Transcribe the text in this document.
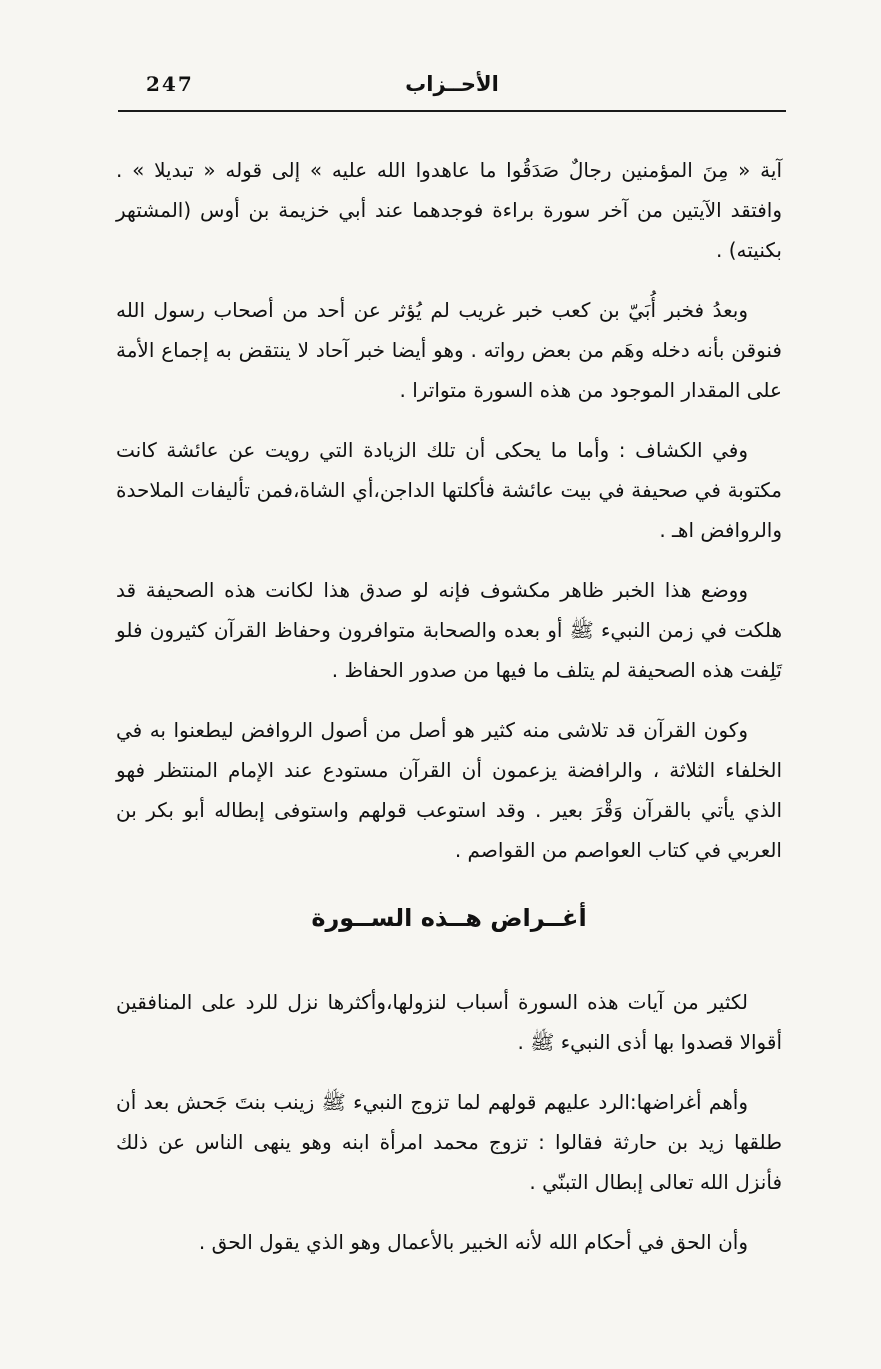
247	الأحــزاب

آية « مِنَ المؤمنين رجالٌ صَدَقُوا ما عاهدوا الله عليه » إلى قوله « تبديلا » . وافتقد الآيتين من آخر سورة براءة فوجدهما عند أبي خزيمة بن أوس (المشتهر بكنيته) .

وبعدُ فخبر أُبَيّ بن كعب خبر غريب لم يُؤثر عن أحد من أصحاب رسول الله فنوقن بأنه دخله وهَم من بعض رواته . وهو أيضا خبر آحاد لا ينتقض به إجماع الأمة على المقدار الموجود من هذه السورة متواترا .

وفي الكشاف : وأما ما يحكى أن تلك الزيادة التي رويت عن عائشة كانت مكتوبة في صحيفة في بيت عائشة فأكلتها الداجن،أي الشاة،فمن تأليفات الملاحدة والروافض اهـ .

ووضع هذا الخبر ظاهر مكشوف فإنه لو صدق هذا لكانت هذه الصحيفة قد هلكت في زمن النبيء ﷺ أو بعده والصحابة متوافرون وحفاظ القرآن كثيرون فلو تَلِفت هذه الصحيفة لم يتلف ما فيها من صدور الحفاظ .

وكون القرآن قد تلاشى منه كثير هو أصل من أصول الروافض ليطعنوا به في الخلفاء الثلاثة ، والرافضة يزعمون أن القرآن مستودع عند الإمام المنتظر فهو الذي يأتي بالقرآن وَقْرَ بعير . وقد استوعب قولهم واستوفى إبطاله أبو بكر بن العربي في كتاب العواصم من القواصم .

أغــراض هــذه الســورة

لكثير من آيات هذه السورة أسباب لنزولها،وأكثرها نزل للرد على المنافقين أقوالا قصدوا بها أذى النبيء ﷺ .

وأهم أغراضها:الرد عليهم قولهم لما تزوج النبيء ﷺ زينب بنتَ جَحش بعد أن طلقها زيد بن حارثة فقالوا : تزوج محمد امرأة ابنه وهو ينهى الناس عن ذلك فأنزل الله تعالى إبطال التبنّي .

وأن الحق في أحكام الله لأنه الخبير بالأعمال وهو الذي يقول الحق .
